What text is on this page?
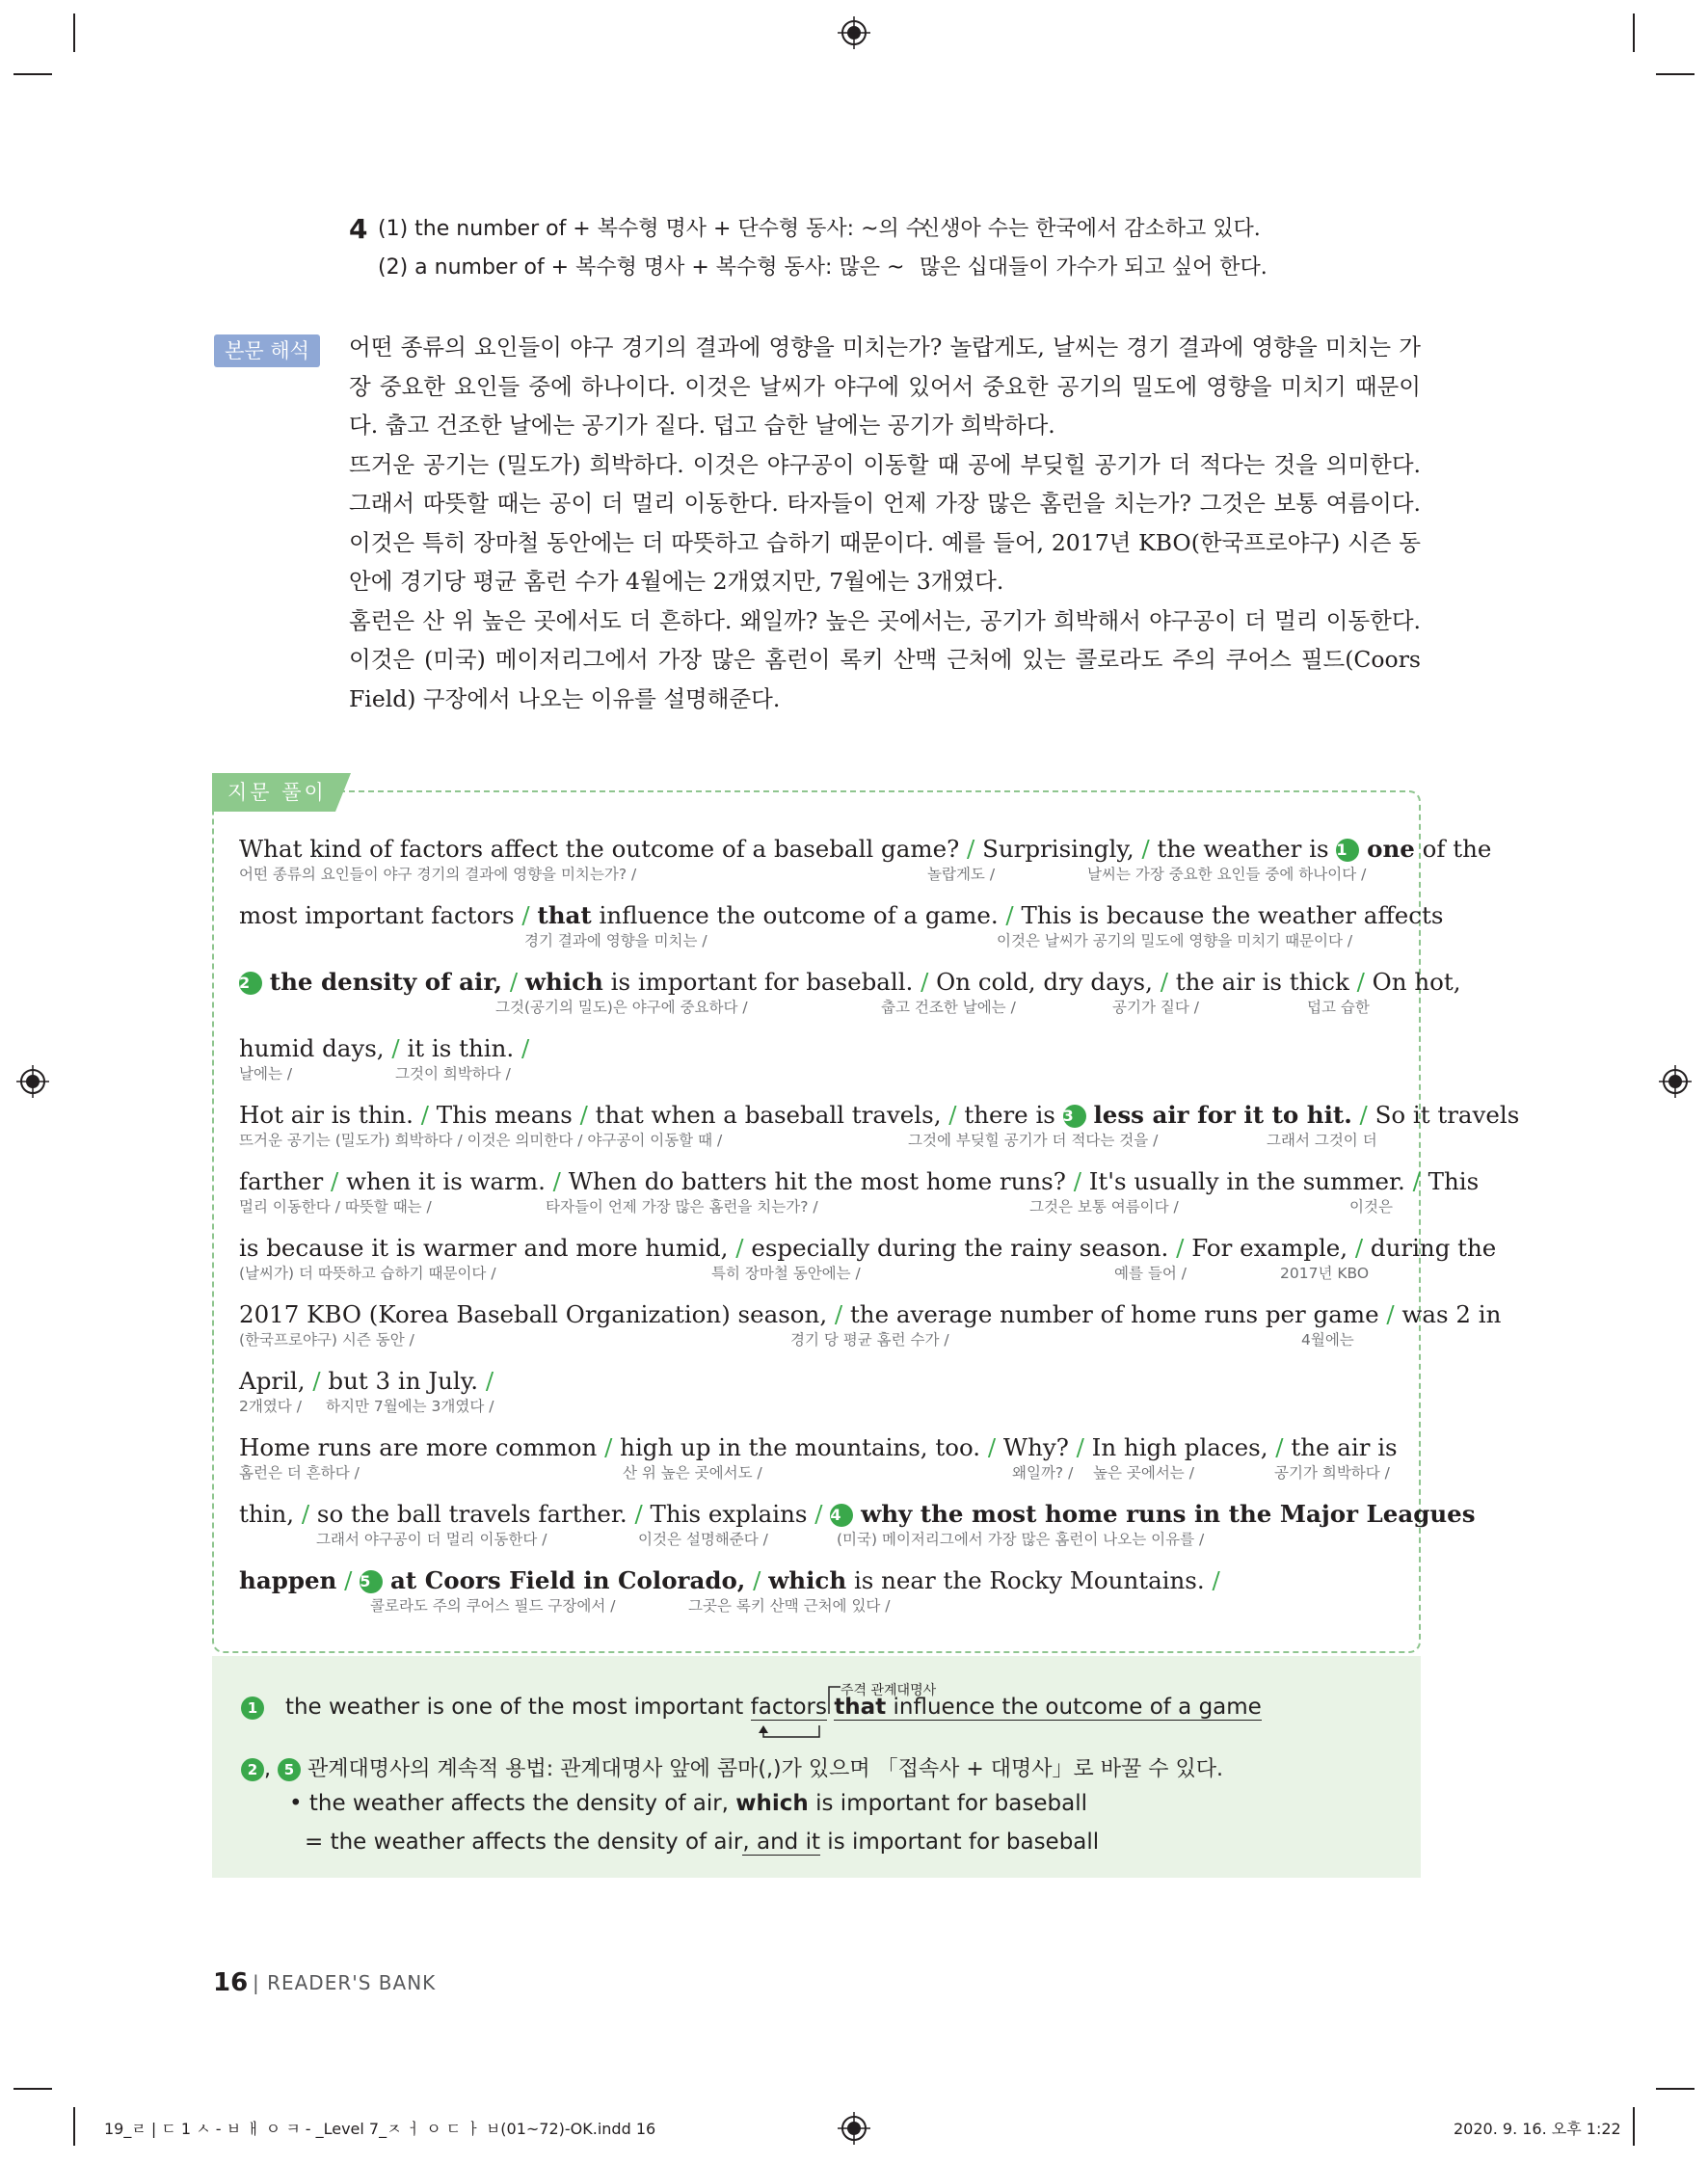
4 (1) the number of + 복수형 명사 + 단수형 동사: ~의 수
신생아 수는 한국에서 감소하고 있다.
(2) a number of + 복수형 명사 + 복수형 동사: 많은 ~ 많은 십대들이 가수가 되고 싶어 한다.
본문 해석	어떤 종류의 요인들이 야구 경기의 결과에 영향을 미치는가? 놀랍게도, 날씨는 경기 결과에 영향을 미치는 가장 중요한 요인들 중에 하나이다. 이것은 날씨가 야구에 있어서 중요한 공기의 밀도에 영향을 미치기 때문이다. 춥고 건조한 날에는 공기가 짙다. 덥고 습한 날에는 공기가 희박하다.

뜨거운 공기는 (밀도가) 희박하다. 이것은 야구공이 이동할 때 공에 부딪힐 공기가 더 적다는 것을 의미한다. 그래서 따뜻할 때는 공이 더 멀리 이동한다. 타자들이 언제 가장 많은 홈런을 치는가? 그것은 보통 여름이다. 이것은 특히 장마철 동안에는 더 따뜻하고 습하기 때문이다. 예를 들어, 2017년 KBO(한국프로야구) 시즌 동안에 경기당 평균 홈런 수가 4월에는 2개였지만, 7월에는 3개였다.

홈런은 산 위 높은 곳에서도 더 흔하다. 왜일까? 높은 곳에서는, 공기가 희박해서 야구공이 더 멀리 이동한다. 이것은 (미국) 메이저리그에서 가장 많은 홈런이 록키 산맥 근처에 있는 콜로라도 주의 쿠어스 필드(Coors Field) 구장에서 나오는 이유를 설명해준다.

지문 풀이
What kind of factors affect the outcome of a baseball game? / Surprisingly, / the weather is 1 one of the
어떤 종류의 요인들이 야구 경기의 결과에 영향을 미치는가? /	놀랍게도 /	날씨는 가장 중요한 요인들 중에 하나이다 /
most important factors / that influence the outcome of a game. / This is because the weather affects
경기 결과에 영향을 미치는 /	이것은 날씨가 공기의 밀도에 영향을 미치기 때문이다 /
2 the density of air, / which is important for baseball. / On cold, dry days, / the air is thick / On hot,
그것(공기의 밀도)은 야구에 중요하다 /	춥고 건조한 날에는 /	공기가 짙다 /	덥고 습한
humid days, / it is thin. /
날에는 /	그것이 희박하다 /
Hot air is thin. / This means / that when a baseball travels, / there is 3 less air for it to hit. / So it travels
뜨거운 공기는 (밀도가) 희박하다 / 이것은 의미한다 / 야구공이 이동할 때 /	그것에 부딪힐 공기가 더 적다는 것을 /	그래서 그것이 더
farther / when it is warm. / When do batters hit the most home runs? / It's usually in the summer. / This
멀리 이동한다 / 따뜻할 때는 /	타자들이 언제 가장 많은 홈런을 치는가? /	그것은 보통 여름이다 /	이것은
is because it is warmer and more humid, / especially during the rainy season. / For example, / during the
(날씨가) 더 따뜻하고 습하기 때문이다 /	특히 장마철 동안에는 /	예를 들어 /	2017년 KBO
2017 KBO (Korea Baseball Organization) season, / the average number of home runs per game / was 2 in
(한국프로야구) 시즌 동안 /	경기 당 평균 홈런 수가 /	4월에는
April, / but 3 in July. /
2개였다 / 하지만 7월에는 3개였다 /
Home runs are more common / high up in the mountains, too. / Why? / In high places, / the air is
홈런은 더 흔하다 /	산 위 높은 곳에서도 /	왜일까? / 높은 곳에서는 /	공기가 희박하다 /
thin, / so the ball travels farther. / This explains / 4 why the most home runs in the Major Leagues
그래서 야구공이 더 멀리 이동한다 /	이것은 설명해준다 /	(미국) 메이저리그에서 가장 많은 홈런이 나오는 이유를 /
happen / 5 at Coors Field in Colorado, / which is near the Rocky Mountains. /
콜로라도 주의 쿠어스 필드 구장에서 /	그곳은 록키 산맥 근처에 있다 /
주격 관계대명사
1 the weather is one of the most important factors that influence the outcome of a game
2 , 5 관계대명사의 계속적 용법: 관계대명사 앞에 콤마(,)가 있으며 「접속사 + 대명사」로 바꿀 수 있다.
• the weather affects the density of air, which is important for baseball
= the weather affects the density of air, and it is important for baseball
16 | READER'S BANK
19_ㄹ | ㄷ 1 ㅅ - ㅂ ㅐ ㅇ ㅋ - _Level 7_ㅈ ㅓ ㅇ ㄷ ㅏ ㅂ(01~72)-OK.indd 16	2020. 9. 16. 오후 1:22
